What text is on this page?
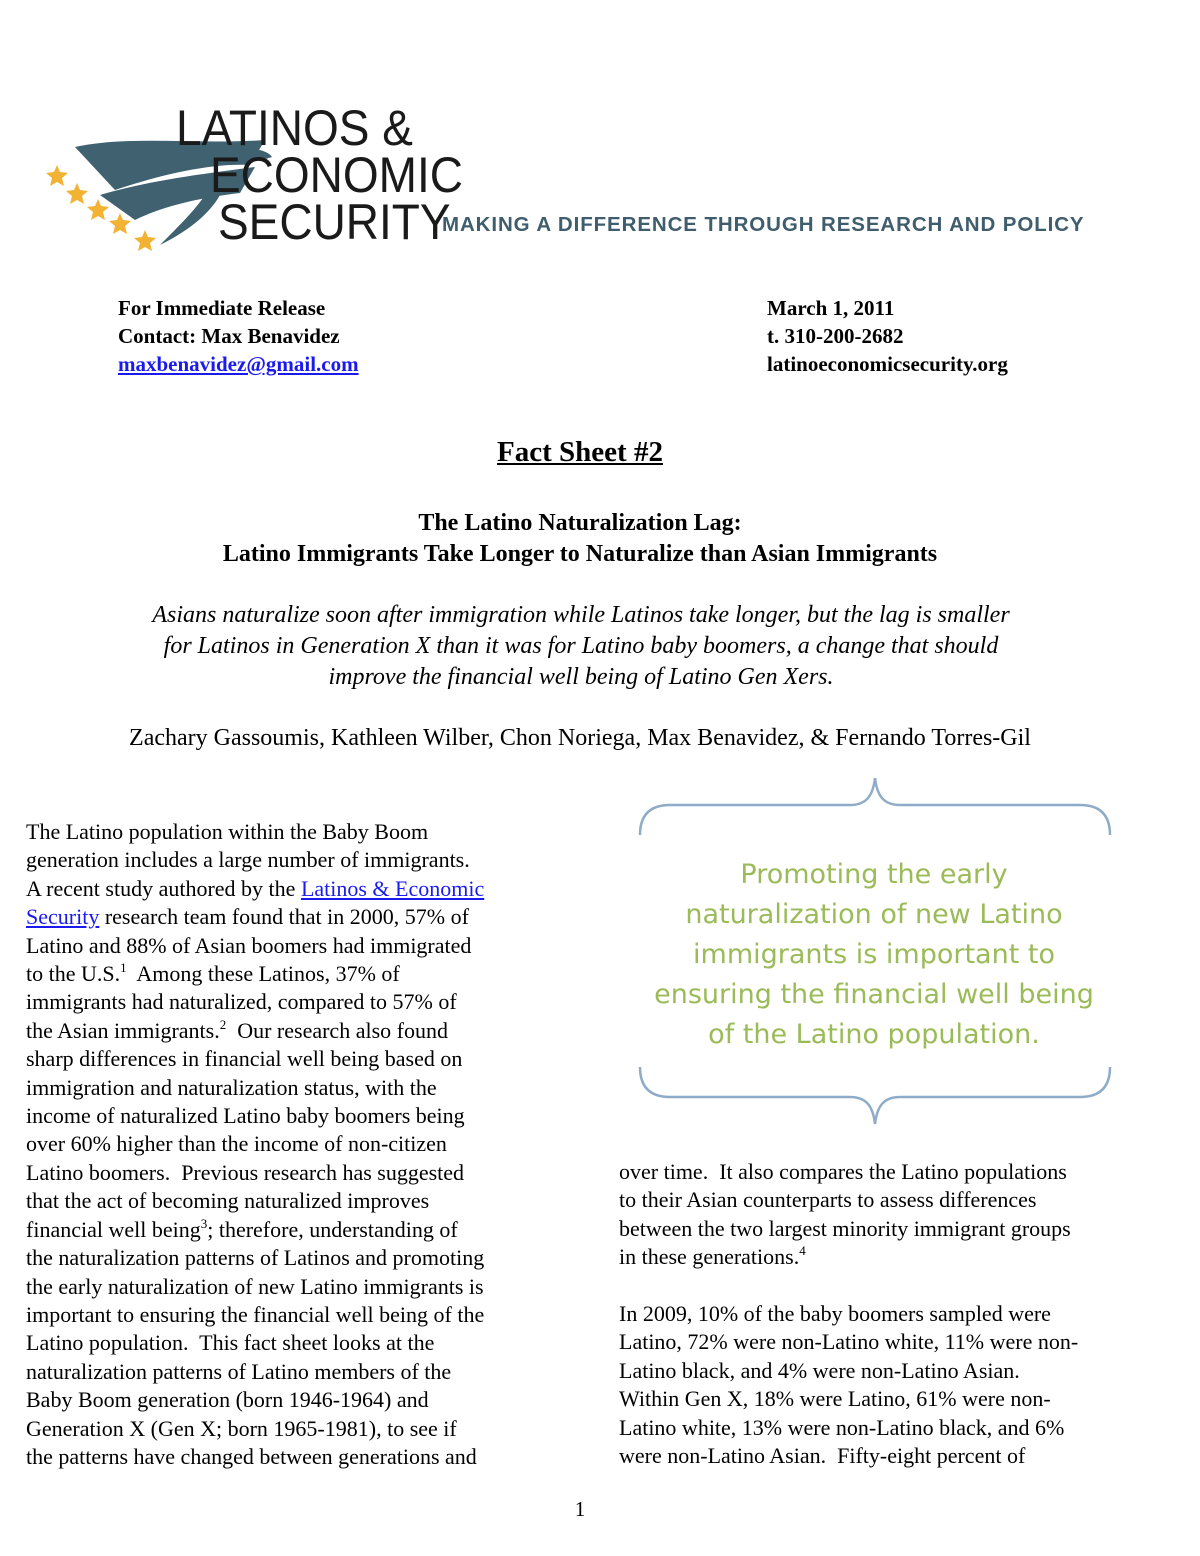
LATINOS &
ECONOMIC
SECURITY
MAKING A DIFFERENCE THROUGH RESEARCH AND POLICY
For Immediate Release
Contact: Max Benavidez
maxbenavidez@gmail.com
March 1, 2011
t. 310-200-2682
latinoeconomicsecurity.org
Fact Sheet #2
The Latino Naturalization Lag:
Latino Immigrants Take Longer to Naturalize than Asian Immigrants
Asians naturalize soon after immigration while Latinos take longer, but the lag is smaller
for Latinos in Generation X than it was for Latino baby boomers, a change that should
improve the financial well being of Latino Gen Xers.
Zachary Gassoumis, Kathleen Wilber, Chon Noriega, Max Benavidez, & Fernando Torres-Gil
The Latino population within the Baby Boom
generation includes a large number of immigrants.
A recent study authored by the Latinos & Economic
Security research team found that in 2000, 57% of
Latino and 88% of Asian boomers had immigrated
to the U.S.$^1$  Among these Latinos, 37% of
immigrants had naturalized, compared to 57% of
the Asian immigrants.$^2$  Our research also found
sharp differences in financial well being based on
immigration and naturalization status, with the
income of naturalized Latino baby boomers being
over 60% higher than the income of non-citizen
Latino boomers.  Previous research has suggested
that the act of becoming naturalized improves
financial well being$^3$; therefore, understanding of
the naturalization patterns of Latinos and promoting
the early naturalization of new Latino immigrants is
important to ensuring the financial well being of the
Latino population.  This fact sheet looks at the
naturalization patterns of Latino members of the
Baby Boom generation (born 1946-1964) and
Generation X (Gen X; born 1965-1981), to see if
the patterns have changed between generations and
Promoting the early
naturalization of new Latino
immigrants is important to
ensuring the financial well being
of the Latino population.
over time.  It also compares the Latino populations
to their Asian counterparts to assess differences
between the two largest minority immigrant groups
in these generations.$^4$
In 2009, 10% of the baby boomers sampled were
Latino, 72% were non-Latino white, 11% were non-
Latino black, and 4% were non-Latino Asian.
Within Gen X, 18% were Latino, 61% were non-
Latino white, 13% were non-Latino black, and 6%
were non-Latino Asian.  Fifty-eight percent of
1
